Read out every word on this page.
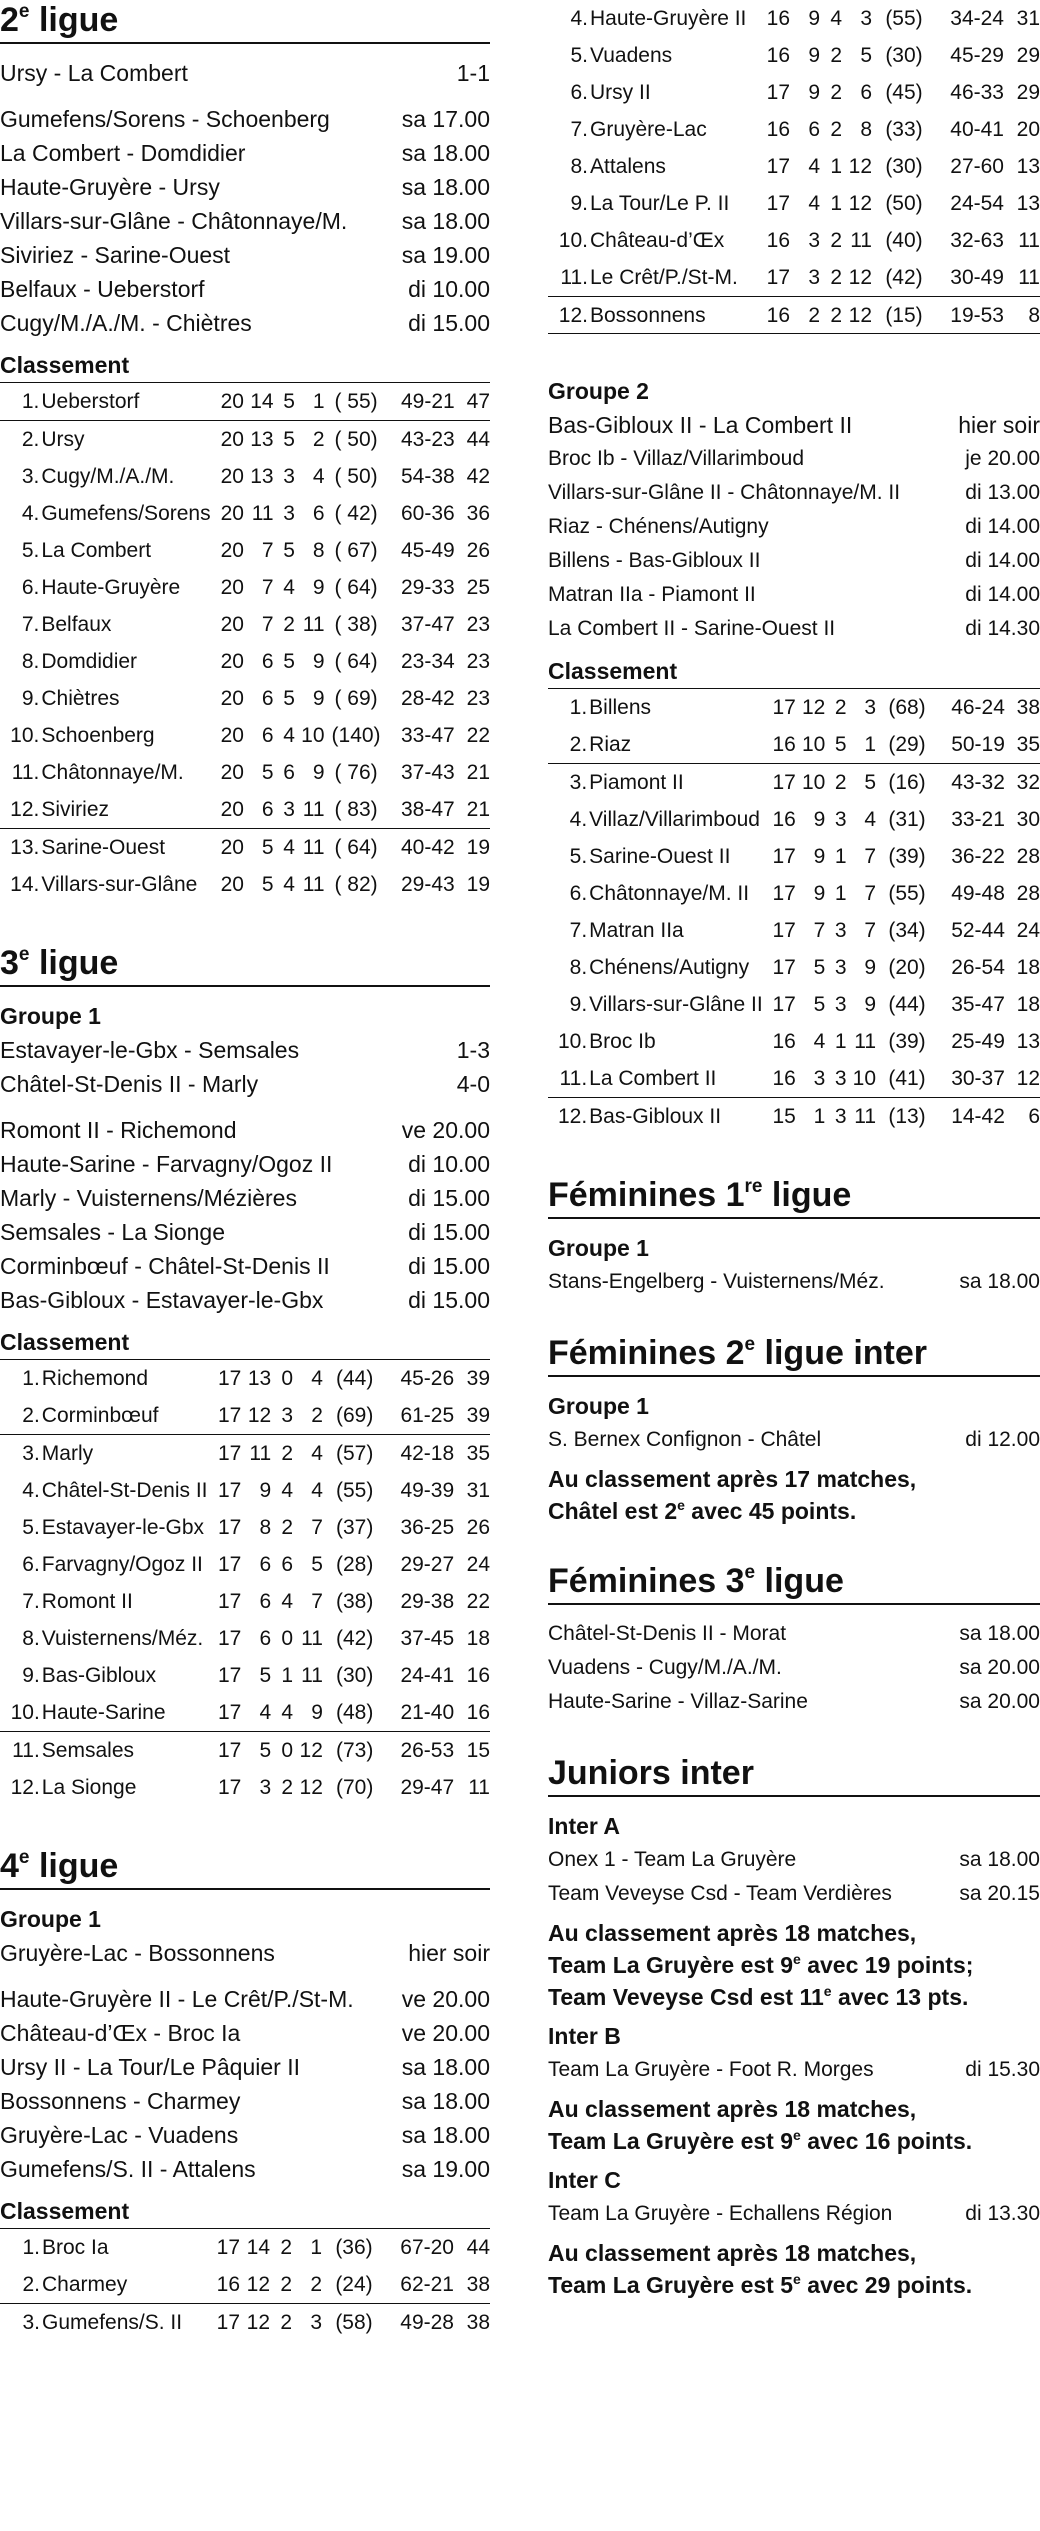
2e ligue
Ursy - La Combert	1-1
Gumefens/Sorens - Schoenberg	sa 17.00
La Combert - Domdidier	sa 18.00
Haute-Gruyère - Ursy	sa 18.00
Villars-sur-Glâne - Châtonnaye/M. sa 18.00
Siviriez - Sarine-Ouest	sa 19.00
Belfaux - Ueberstorf	di 10.00
Cugy/M./A./M. - Chiètres	di 15.00
Classement
1.	Ueberstorf	20	14	5	1	( 55)	49-21	47
2.	Ursy	20	13	5	2	( 50)	43-23	44
3.	Cugy/M./A./M.	20	13	3	4	( 50)	54-38	42
4.	Gumefens/Sorens	20	11	3	6	( 42)	60-36	36
5.	La Combert	20	7	5	8	( 67)	45-49	26
6.	Haute-Gruyère	20	7	4	9	( 64)	29-33	25
7.	Belfaux	20	7	2	11	( 38)	37-47	23
8.	Domdidier	20	6	5	9	( 64)	23-34	23
9.	Chiètres	20	6	5	9	( 69)	28-42	23
10.	Schoenberg	20	6	4	10	(140)	33-47	22
11.	Châtonnaye/M.	20	5	6	9	( 76)	37-43	21
12.	Siviriez	20	6	3	11	( 83)	38-47	21
13.	Sarine-Ouest	20	5	4	11	( 64)	40-42	19
14.	Villars-sur-Glâne	20	5	4	11	( 82)	29-43	19
3e ligue
Groupe 1
Estavayer-le-Gbx - Semsales	1-3
Châtel-St-Denis II - Marly	4-0
Romont II - Richemond	ve 20.00
Haute-Sarine - Farvagny/Ogoz II	di 10.00
Marly - Vuisternens/Mézières	di 15.00
Semsales - La Sionge	di 15.00
Corminbœuf - Châtel-St-Denis II	di 15.00
Bas-Gibloux - Estavayer-le-Gbx	di 15.00
Classement
1.	Richemond	17	13	0	4	(44)	45-26	39
2.	Corminbœuf	17	12	3	2	(69)	61-25	39
3.	Marly	17	11	2	4	(57)	42-18	35
4.	Châtel-St-Denis II	17	9	4	4	(55)	49-39	31
5.	Estavayer-le-Gbx	17	8	2	7	(37)	36-25	26
6.	Farvagny/Ogoz II	17	6	6	5	(28)	29-27	24
7.	Romont II	17	6	4	7	(38)	29-38	22
8.	Vuisternens/Méz.	17	6	0	11	(42)	37-45	18
9.	Bas-Gibloux	17	5	1	11	(30)	24-41	16
10.	Haute-Sarine	17	4	4	9	(48)	21-40	16
11.	Semsales	17	5	0	12	(73)	26-53	15
12.	La Sionge	17	3	2	12	(70)	29-47	11
4e ligue
Groupe 1
Gruyère-Lac - Bossonnens	hier soir
Haute-Gruyère II - Le Crêt/P./St-M. ve 20.00
Château-d’Œx - Broc Ia	ve 20.00
Ursy II - La Tour/Le Pâquier II	sa 18.00
Bossonnens - Charmey	sa 18.00
Gruyère-Lac - Vuadens	sa 18.00
Gumefens/S. II - Attalens	sa 19.00
Classement
1.	Broc Ia	17	14	2	1	(36)	67-20	44
2.	Charmey	16	12	2	2	(24)	62-21	38
3.	Gumefens/S. II	17	12	2	3	(58)	49-28	38
4.	Haute-Gruyère II	16	9	4	3	(55)	34-24	31
5.	Vuadens	16	9	2	5	(30)	45-29	29
6.	Ursy II	17	9	2	6	(45)	46-33	29
7.	Gruyère-Lac	16	6	2	8	(33)	40-41	20
8.	Attalens	17	4	1	12	(30)	27-60	13
9.	La Tour/Le P. II	17	4	1	12	(50)	24-54	13
10.	Château-d’Œx	16	3	2	11	(40)	32-63	11
11.	Le Crêt/P./St-M.	17	3	2	12	(42)	30-49	11
12.	Bossonnens	16	2	2	12	(15)	19-53	8
Groupe 2
Bas-Gibloux II - La Combert II	hier soir
Broc Ib - Villaz/Villarimboud	je 20.00
Villars-sur-Glâne II - Châtonnaye/M. II	di 13.00
Riaz - Chénens/Autigny	di 14.00
Billens - Bas-Gibloux II	di 14.00
Matran IIa - Piamont II	di 14.00
La Combert II - Sarine-Ouest II	di 14.30
Classement
1.	Billens	17	12	2	3	(68)	46-24	38
2.	Riaz	16	10	5	1	(29)	50-19	35
3.	Piamont II	17	10	2	5	(16)	43-32	32
4.	Villaz/Villarimboud	16	9	3	4	(31)	33-21	30
5.	Sarine-Ouest II	17	9	1	7	(39)	36-22	28
6.	Châtonnaye/M. II	17	9	1	7	(55)	49-48	28
7.	Matran IIa	17	7	3	7	(34)	52-44	24
8.	Chénens/Autigny	17	5	3	9	(20)	26-54	18
9.	Villars-sur-Glâne II	17	5	3	9	(44)	35-47	18
10.	Broc Ib	16	4	1	11	(39)	25-49	13
11.	La Combert II	16	3	3	10	(41)	30-37	12
12.	Bas-Gibloux II	15	1	3	11	(13)	14-42	6
Féminines 1re ligue
Groupe 1
Stans-Engelberg - Vuisternens/Méz.	sa 18.00
Féminines 2e ligue inter
Groupe 1
S. Bernex Confignon - Châtel	di 12.00
Au classement après 17 matches,
Châtel est 2e avec 45 points.
Féminines 3e ligue
Châtel-St-Denis II - Morat	sa 18.00
Vuadens - Cugy/M./A./M.	sa 20.00
Haute-Sarine - Villaz-Sarine	sa 20.00
Juniors inter
Inter A
Onex 1 - Team La Gruyère	sa 18.00
Team Veveyse Csd - Team Verdières	sa 20.15
Au classement après 18 matches,
Team La Gruyère est 9e avec 19 points;
Team Veveyse Csd est 11e avec 13 pts.
Inter B
Team La Gruyère - Foot R. Morges	di 15.30
Au classement après 18 matches,
Team La Gruyère est 9e avec 16 points.
Inter C
Team La Gruyère - Echallens Région	di 13.30
Au classement après 18 matches,
Team La Gruyère est 5e avec 29 points.
